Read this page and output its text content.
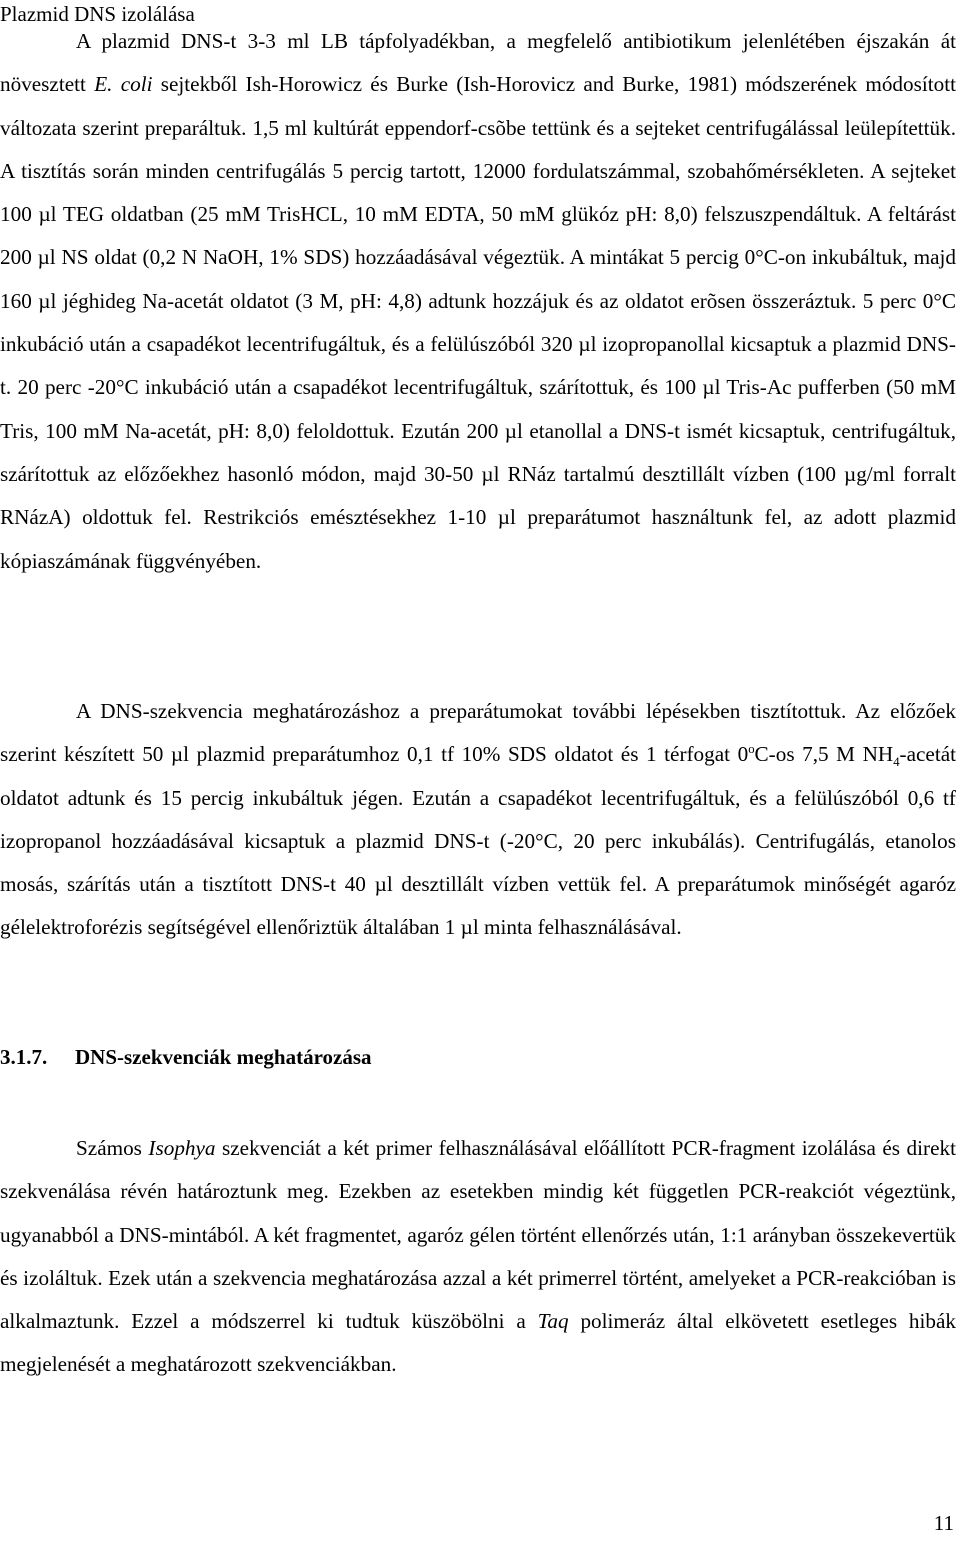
Plazmid DNS izolálása

A plazmid DNS-t 3-3 ml LB tápfolyadékban, a megfelelő antibiotikum jelenlétében éjszakán át növesztett E. coli sejtekből Ish-Horowicz és Burke (Ish-Horovicz and Burke, 1981) módszerének módosított változata szerint preparáltuk. 1,5 ml kultúrát eppendorf-csõbe tettünk és a sejteket centrifugálással leülepítettük. A tisztítás során minden centrifugálás 5 percig tartott, 12000 fordulatszámmal, szobahőmérsékleten. A sejteket 100 µl TEG oldatban (25 mM TrisHCL, 10 mM EDTA, 50 mM glükóz pH: 8,0) felszuszpendáltuk. A feltárást 200 µl NS oldat (0,2 N NaOH, 1% SDS) hozzáadásával végeztük. A mintákat 5 percig 0°C-on inkubáltuk, majd 160 µl jéghideg Na-acetát oldatot (3 M, pH: 4,8) adtunk hozzájuk és az oldatot erõsen összeráztuk. 5 perc 0°C inkubáció után a csapadékot lecentrifugáltuk, és a felülúszóból 320 µl izopropanollal kicsaptuk a plazmid DNS-t. 20 perc -20°C inkubáció után a csapadékot lecentrifugáltuk, szárítottuk, és 100 µl Tris-Ac pufferben (50 mM Tris, 100 mM Na-acetát, pH: 8,0) feloldottuk. Ezután 200 µl etanollal a DNS-t ismét kicsaptuk, centrifugáltuk, szárítottuk az előzőekhez hasonló módon, majd 30-50 µl RNáz tartalmú desztillált vízben (100 µg/ml forralt RNázA) oldottuk fel. Restrikciós emésztésekhez 1-10 µl preparátumot használtunk fel, az adott plazmid kópiaszámának függvényében.

A DNS-szekvencia meghatározáshoz a preparátumokat további lépésekben tisztítottuk. Az előzőek szerint készített 50 µl plazmid preparátumhoz 0,1 tf 10% SDS oldatot és 1 térfogat 0$^o$C-os 7,5 M $NH_4$-acetát oldatot adtunk és 15 percig inkubáltuk jégen. Ezután a csapadékot lecentrifugáltuk, és a felülúszóból 0,6 tf izopropanol hozzáadásával kicsaptuk a plazmid DNS-t (-20°C, 20 perc inkubálás). Centrifugálás, etanolos mosás, szárítás után a tisztított DNS-t 40 µl desztillált vízben vettük fel. A preparátumok minőségét agaróz gélelektroforézis segítségével ellenőriztük általában 1 µl minta felhasználásával.

3.1.7. DNS-szekvenciák meghatározása

Számos Isophya szekvenciát a két primer felhasználásával előállított PCR-fragment izolálása és direkt szekvenálása révén határoztunk meg. Ezekben az esetekben mindig két független PCR-reakciót végeztünk, ugyanabból a DNS-mintából. A két fragmentet, agaróz gélen történt ellenőrzés után, 1:1 arányban összekevertük és izoláltuk. Ezek után a szekvencia meghatározása azzal a két primerrel történt, amelyeket a PCR-reakcióban is alkalmaztunk. Ezzel a módszerrel ki tudtuk küszöbölni a Taq polimeráz által elkövetett esetleges hibák megjelenését a meghatározott szekvenciákban.

11
